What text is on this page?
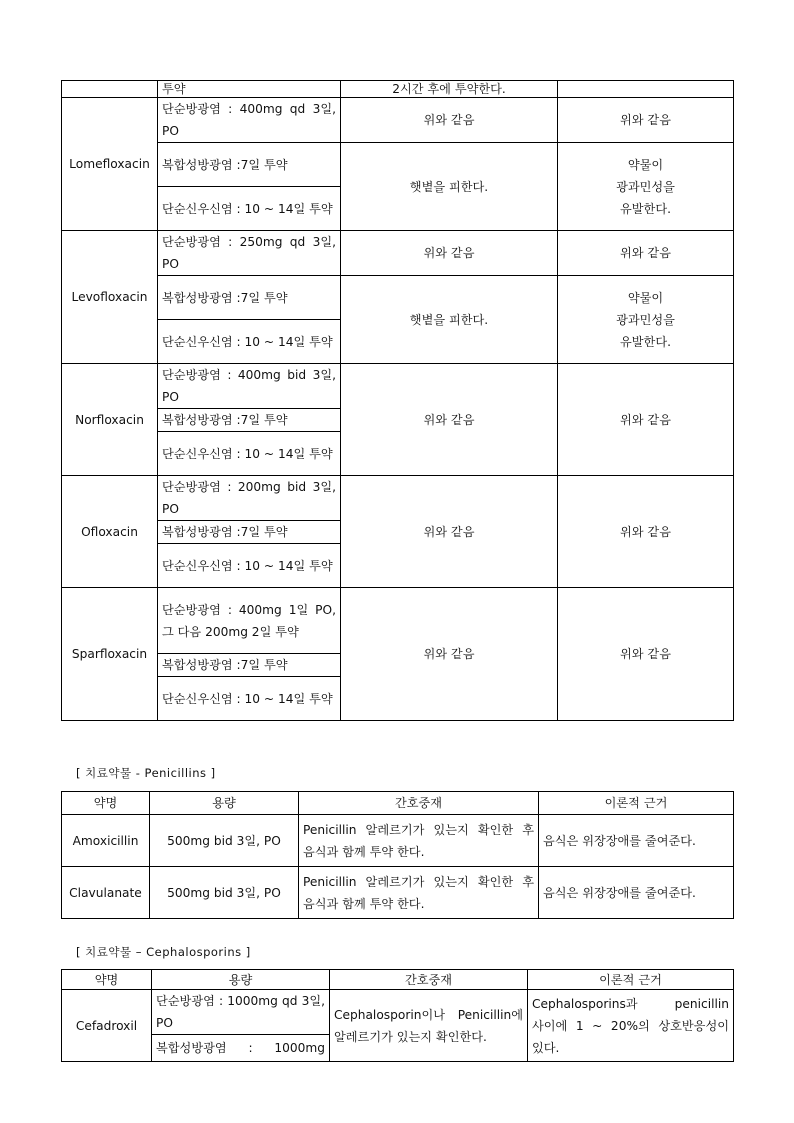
	투약	2시간 후에 투약한다.	
Lomefloxacin	단순방광염 : 400mg qd 3일, PO	위와 같음	위와 같음
	복합성방광염 :7일 투약	햇볕을 피한다.	약물이 광과민성을 유발한다.
	단순신우신염 : 10 ~ 14일 투약		
Levofloxacin	단순방광염 : 250mg qd 3일, PO	위와 같음	위와 같음
	복합성방광염 :7일 투약	햇볕을 피한다.	약물이 광과민성을 유발한다.
	단순신우신염 : 10 ~ 14일 투약		
Norfloxacin	단순방광염 : 400mg bid 3일, PO	위와 같음	위와 같음
	복합성방광염 :7일 투약		
	단순신우신염 : 10 ~ 14일 투약		
Ofloxacin	단순방광염 : 200mg bid 3일, PO	위와 같음	위와 같음
	복합성방광염 :7일 투약		
	단순신우신염 : 10 ~ 14일 투약		
Sparfloxacin	단순방광염 : 400mg 1일 PO, 그 다음 200mg 2일 투약	위와 같음	위와 같음
	복합성방광염 :7일 투약		
	단순신우신염 : 10 ~ 14일 투약		
[ 치료약물 - Penicillins ]
약명	용량	간호중재	이론적 근거
Amoxicillin	500mg bid 3일, PO	Penicillin 알레르기가 있는지 확인한 후 음식과 함께 투약 한다.	음식은 위장장애를 줄여준다.
Clavulanate	500mg bid 3일, PO	Penicillin 알레르기가 있는지 확인한 후 음식과 함께 투약 한다.	음식은 위장장애를 줄여준다.
[ 치료약물 – Cephalosporins ]
약명	용량	간호중재	이론적 근거
Cefadroxil	단순방광염 : 1000mg qd 3일, PO	Cephalosporin이나 Penicillin에 알레르기가 있는지 확인한다.	Cephalosporins과 penicillin 사이에 1 ~ 20%의 상호반응성이 있다.
	복합성방광염 : 1000mg		
